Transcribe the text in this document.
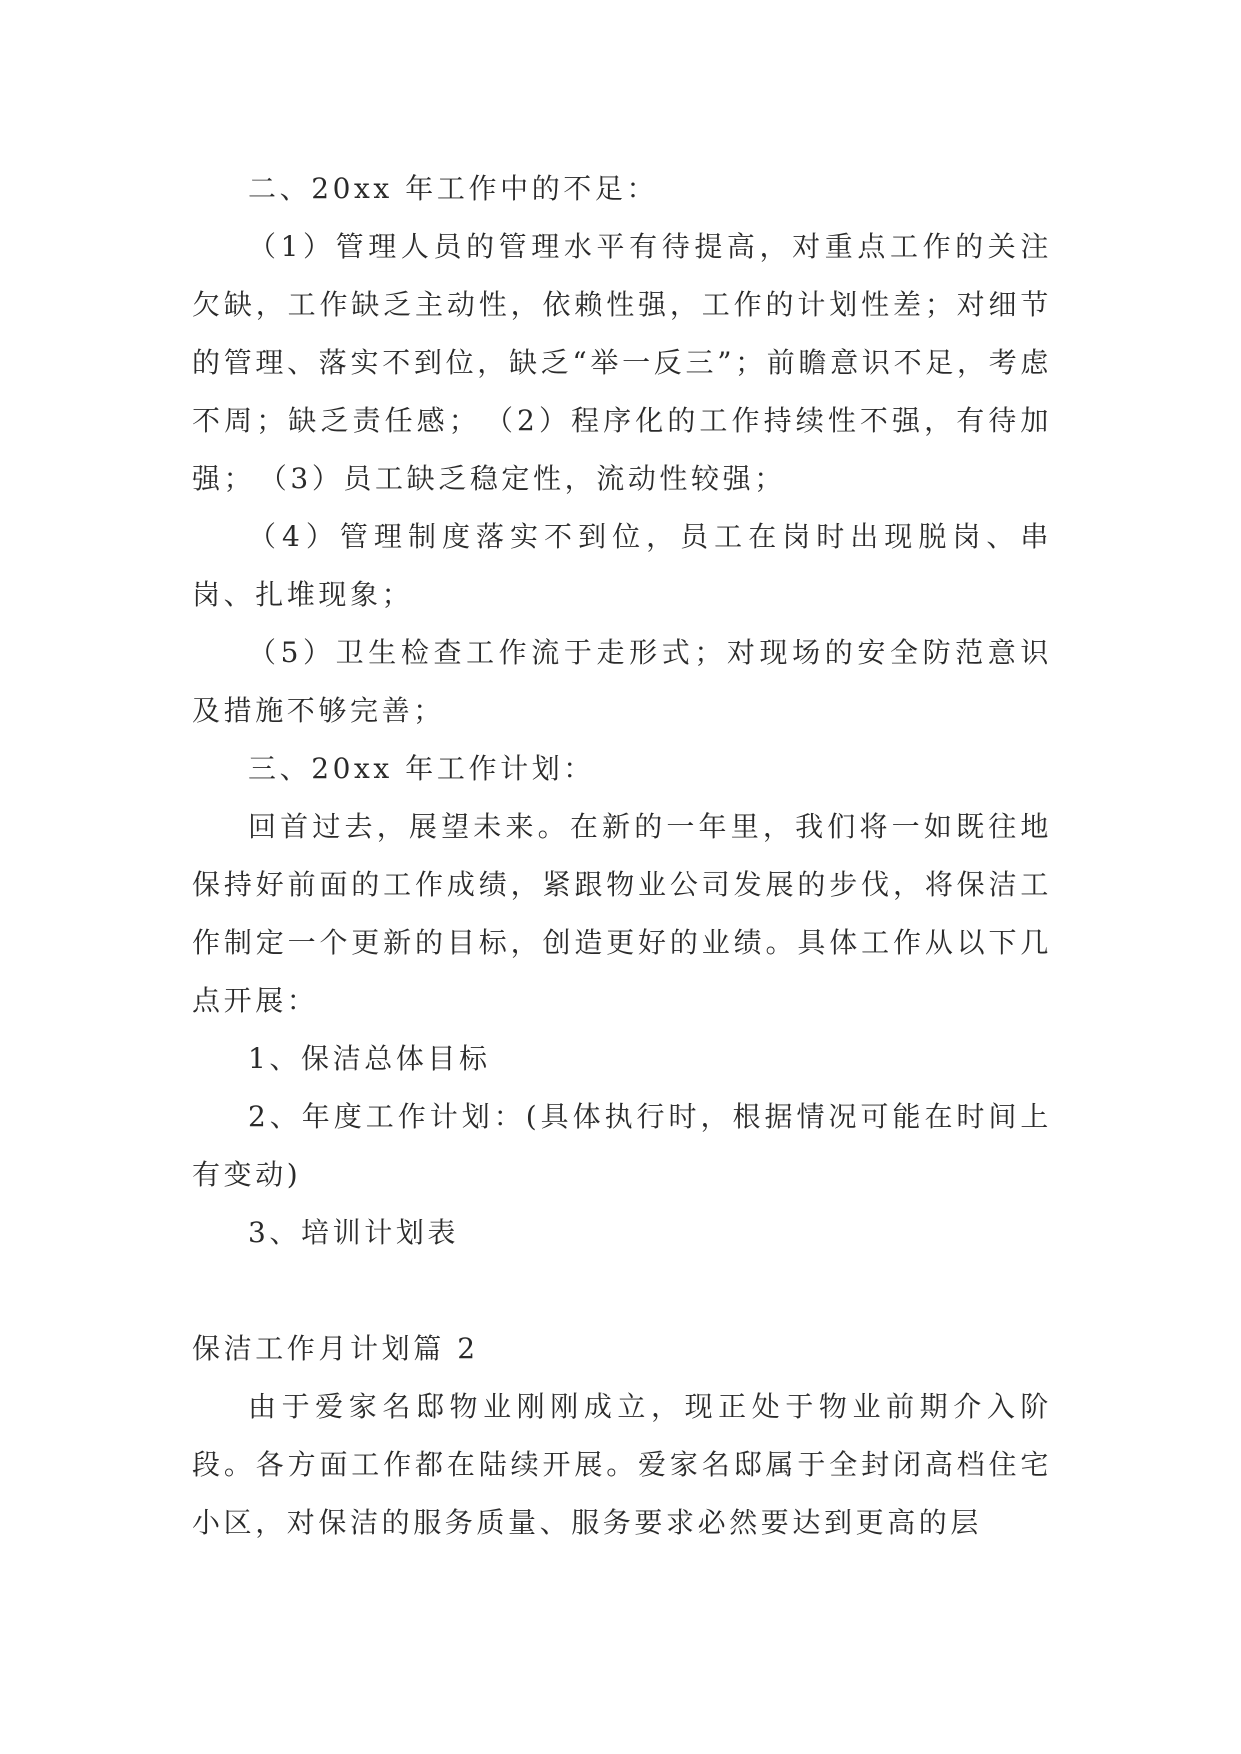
二、20xx 年工作中的不足：

（1）管理人员的管理水平有待提高，对重点工作的关注欠缺，工作缺乏主动性，依赖性强，工作的计划性差；对细节的管理、落实不到位，缺乏“举一反三”；前瞻意识不足，考虑不周；缺乏责任感；　（2）程序化的工作持续性不强，有待加强；　（3）员工缺乏稳定性，流动性较强；

（4）管理制度落实不到位，员工在岗时出现脱岗、串岗、扎堆现象；

（5）卫生检查工作流于走形式；对现场的安全防范意识及措施不够完善；

三、20xx 年工作计划：

回首过去，展望未来。在新的一年里，我们将一如既往地保持好前面的工作成绩，紧跟物业公司发展的步伐，将保洁工作制定一个更新的目标，创造更好的业绩。具体工作从以下几点开展：

1、保洁总体目标

2、年度工作计划：(具体执行时，根据情况可能在时间上有变动)

3、培训计划表

保洁工作月计划篇 2

由于爱家名邸物业刚刚成立，现正处于物业前期介入阶段。各方面工作都在陆续开展。爱家名邸属于全封闭高档住宅小区，对保洁的服务质量、服务要求必然要达到更高的层
